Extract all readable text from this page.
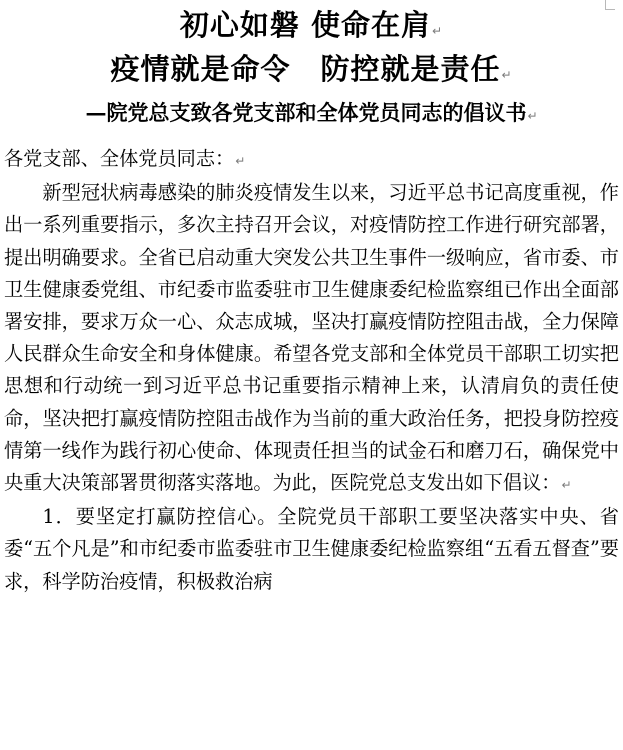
初心如磐 使命在肩↵
疫情就是命令　防控就是责任↵
—院党总支致各党支部和全体党员同志的倡议书↵

各党支部、全体党员同志：↵

新型冠状病毒感染的肺炎疫情发生以来，习近平总书记高度重视，作出一系列重要指示，多次主持召开会议，对疫情防控工作进行研究部署，提出明确要求。全省已启动重大突发公共卫生事件一级响应，省市委、市卫生健康委党组、市纪委市监委驻市卫生健康委纪检监察组已作出全面部署安排，要求万众一心、众志成城，坚决打赢疫情防控阻击战，全力保障人民群众生命安全和身体健康。希望各党支部和全体党员干部职工切实把思想和行动统一到习近平总书记重要指示精神上来，认清肩负的责任使命，坚决把打赢疫情防控阻击战作为当前的重大政治任务，把投身防控疫情第一线作为践行初心使命、体现责任担当的试金石和磨刀石，确保党中央重大决策部署贯彻落实落地。为此，医院党总支发出如下倡议：↵

1．要坚定打赢防控信心。全院党员干部职工要坚决落实中央、省委“五个凡是”和市纪委市监委驻市卫生健康委纪检监察组“五看五督查”要求，科学防治疫情，积极救治病
